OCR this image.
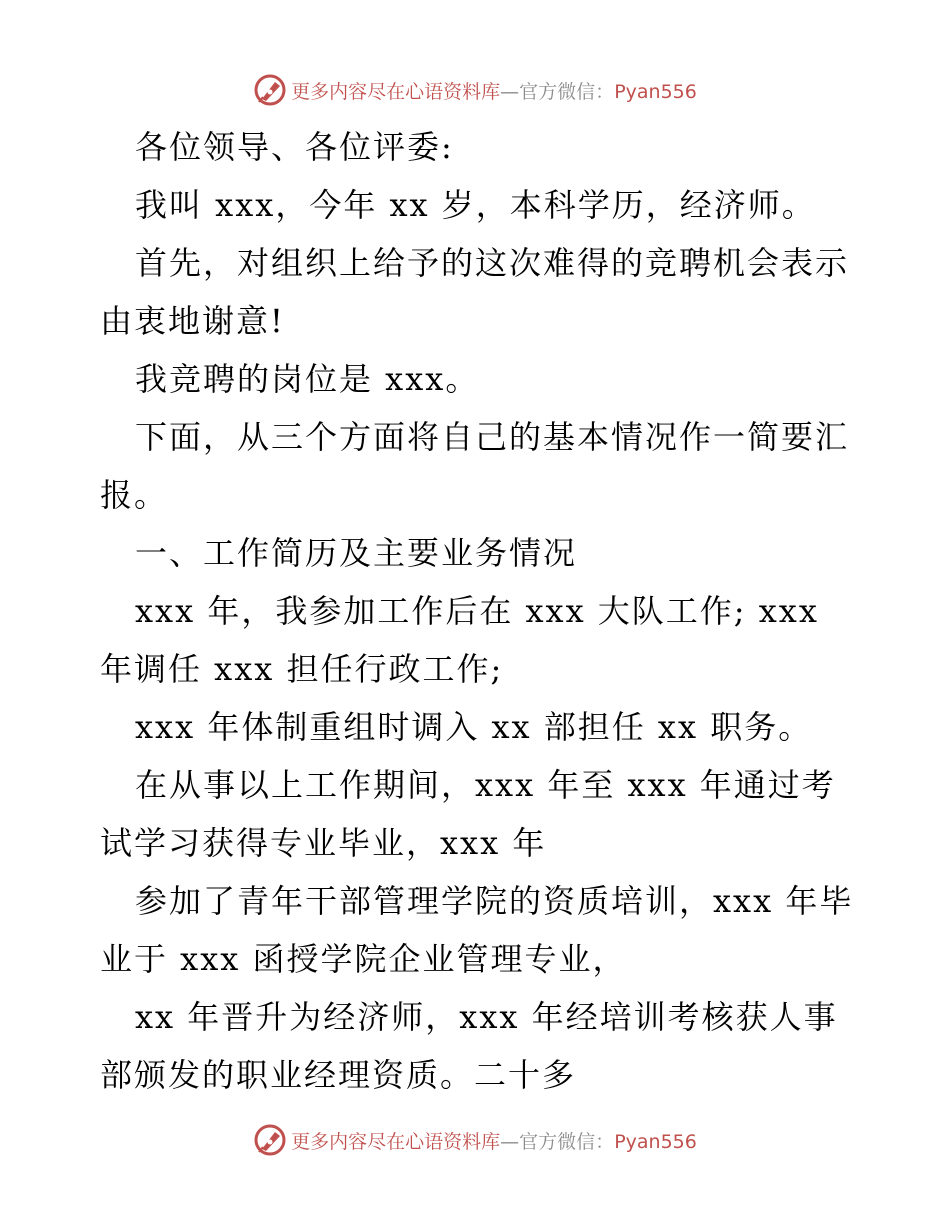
更多内容尽在心语资料库—官方微信：Pyan556
各位领导、各位评委:
我叫 xxx，今年 xx 岁，本科学历，经济师。
首先，对组织上给予的这次难得的竞聘机会表示
由衷地谢意!
我竞聘的岗位是 xxx。
下面，从三个方面将自己的基本情况作一简要汇
报。
一、工作简历及主要业务情况
xxx 年，我参加工作后在 xxx 大队工作; xxx
年调任 xxx 担任行政工作;
xxx 年体制重组时调入 xx 部担任 xx 职务。
在从事以上工作期间，xxx 年至 xxx 年通过考
试学习获得专业毕业，xxx 年
参加了青年干部管理学院的资质培训，xxx 年毕
业于 xxx 函授学院企业管理专业，
xx 年晋升为经济师，xxx 年经培训考核获人事
部颁发的职业经理资质。二十多
更多内容尽在心语资料库—官方微信：Pyan556
